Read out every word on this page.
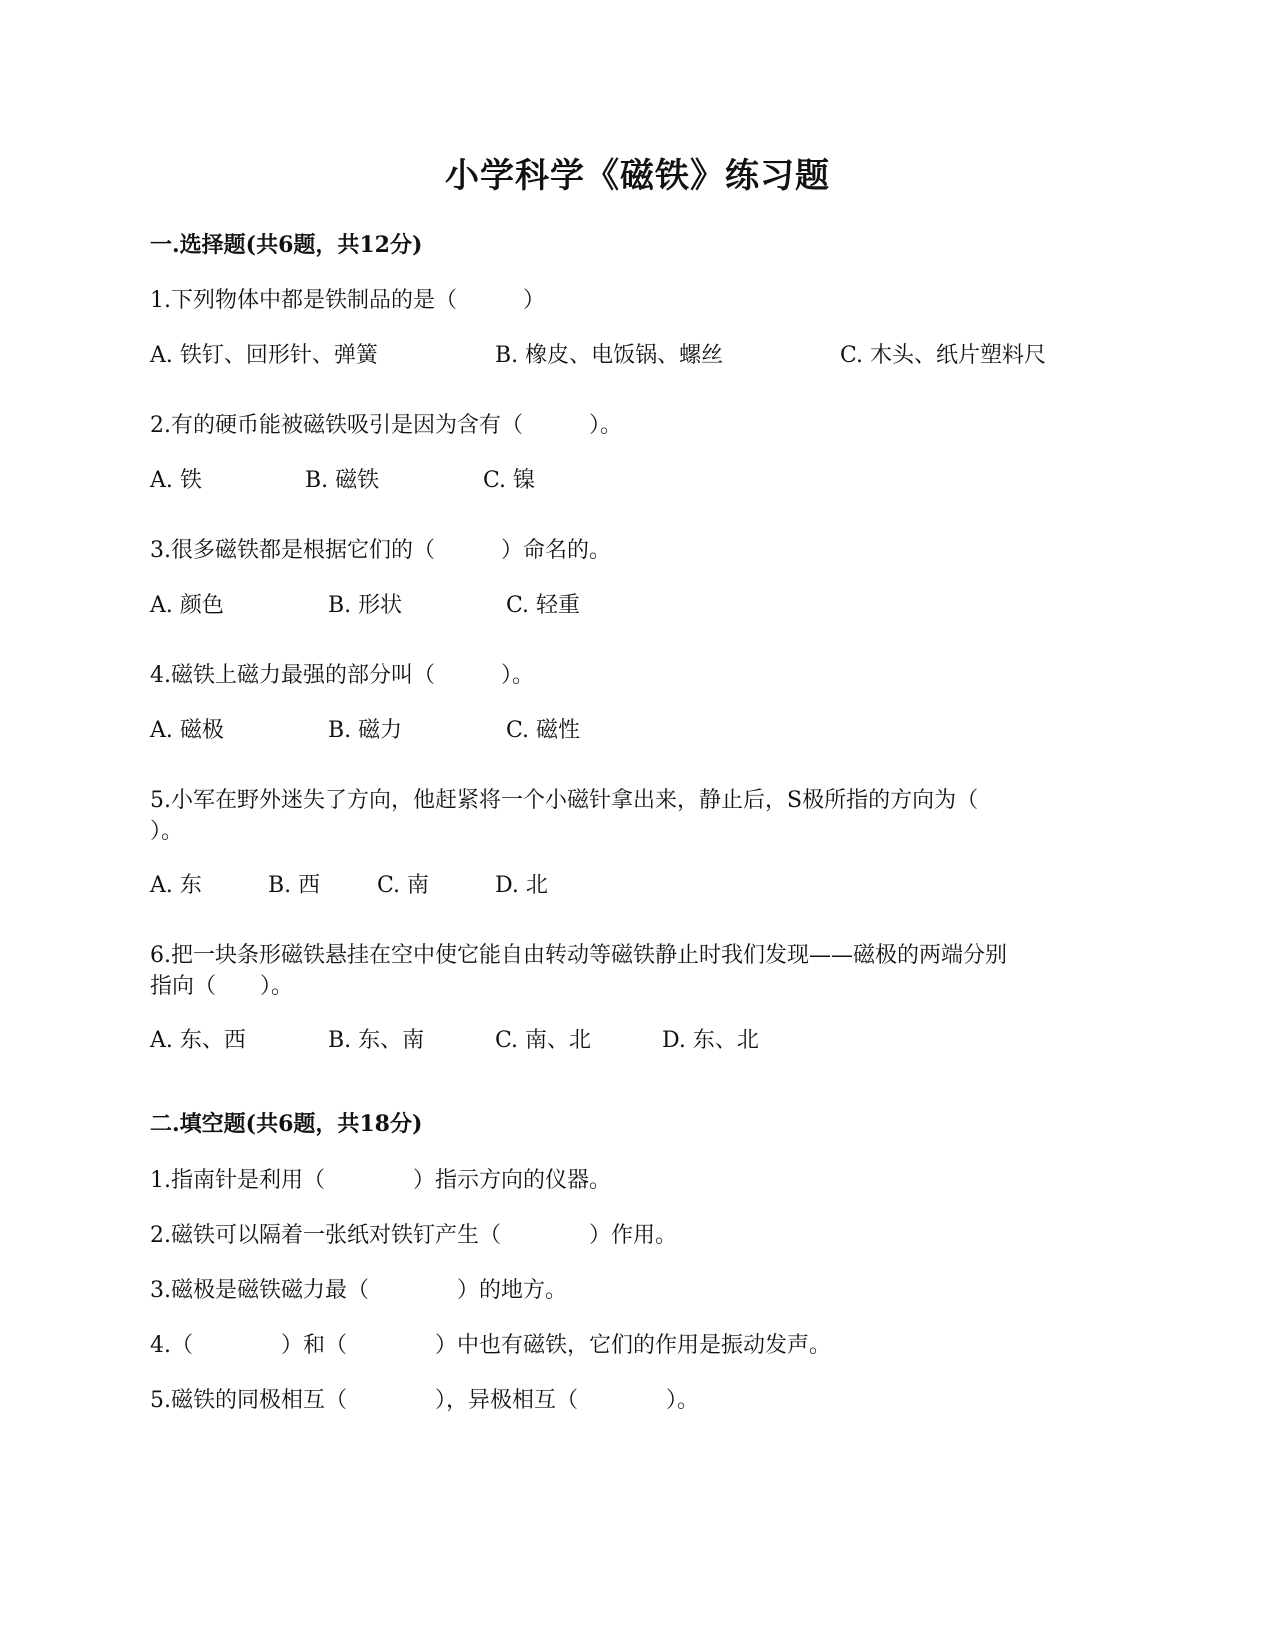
小学科学《磁铁》练习题
一.选择题(共6题，共12分)
1.下列物体中都是铁制品的是（　　　）
A. 铁钉、回形针、弹簧	B. 橡皮、电饭锅、螺丝	C. 木头、纸片塑料尺
2.有的硬币能被磁铁吸引是因为含有（　　　）。
A. 铁	B. 磁铁	C. 镍
3.很多磁铁都是根据它们的（　　　）命名的。
A. 颜色	B. 形状	C. 轻重
4.磁铁上磁力最强的部分叫（　　　）。
A. 磁极	B. 磁力	C. 磁性
5.小军在野外迷失了方向，他赶紧将一个小磁针拿出来，静止后，S极所指的方向为（
）。
A. 东	B. 西	C. 南	D. 北
6.把一块条形磁铁悬挂在空中使它能自由转动等磁铁静止时我们发现——磁极的两端分别
指向（　　）。
A. 东、西	B. 东、南	C. 南、北	D. 东、北
二.填空题(共6题，共18分)
1.指南针是利用（　　　　）指示方向的仪器。
2.磁铁可以隔着一张纸对铁钉产生（　　　　）作用。
3.磁极是磁铁磁力最（　　　　）的地方。
4.（　　　　）和（　　　　）中也有磁铁，它们的作用是振动发声。
5.磁铁的同极相互（　　　　），异极相互（　　　　）。
